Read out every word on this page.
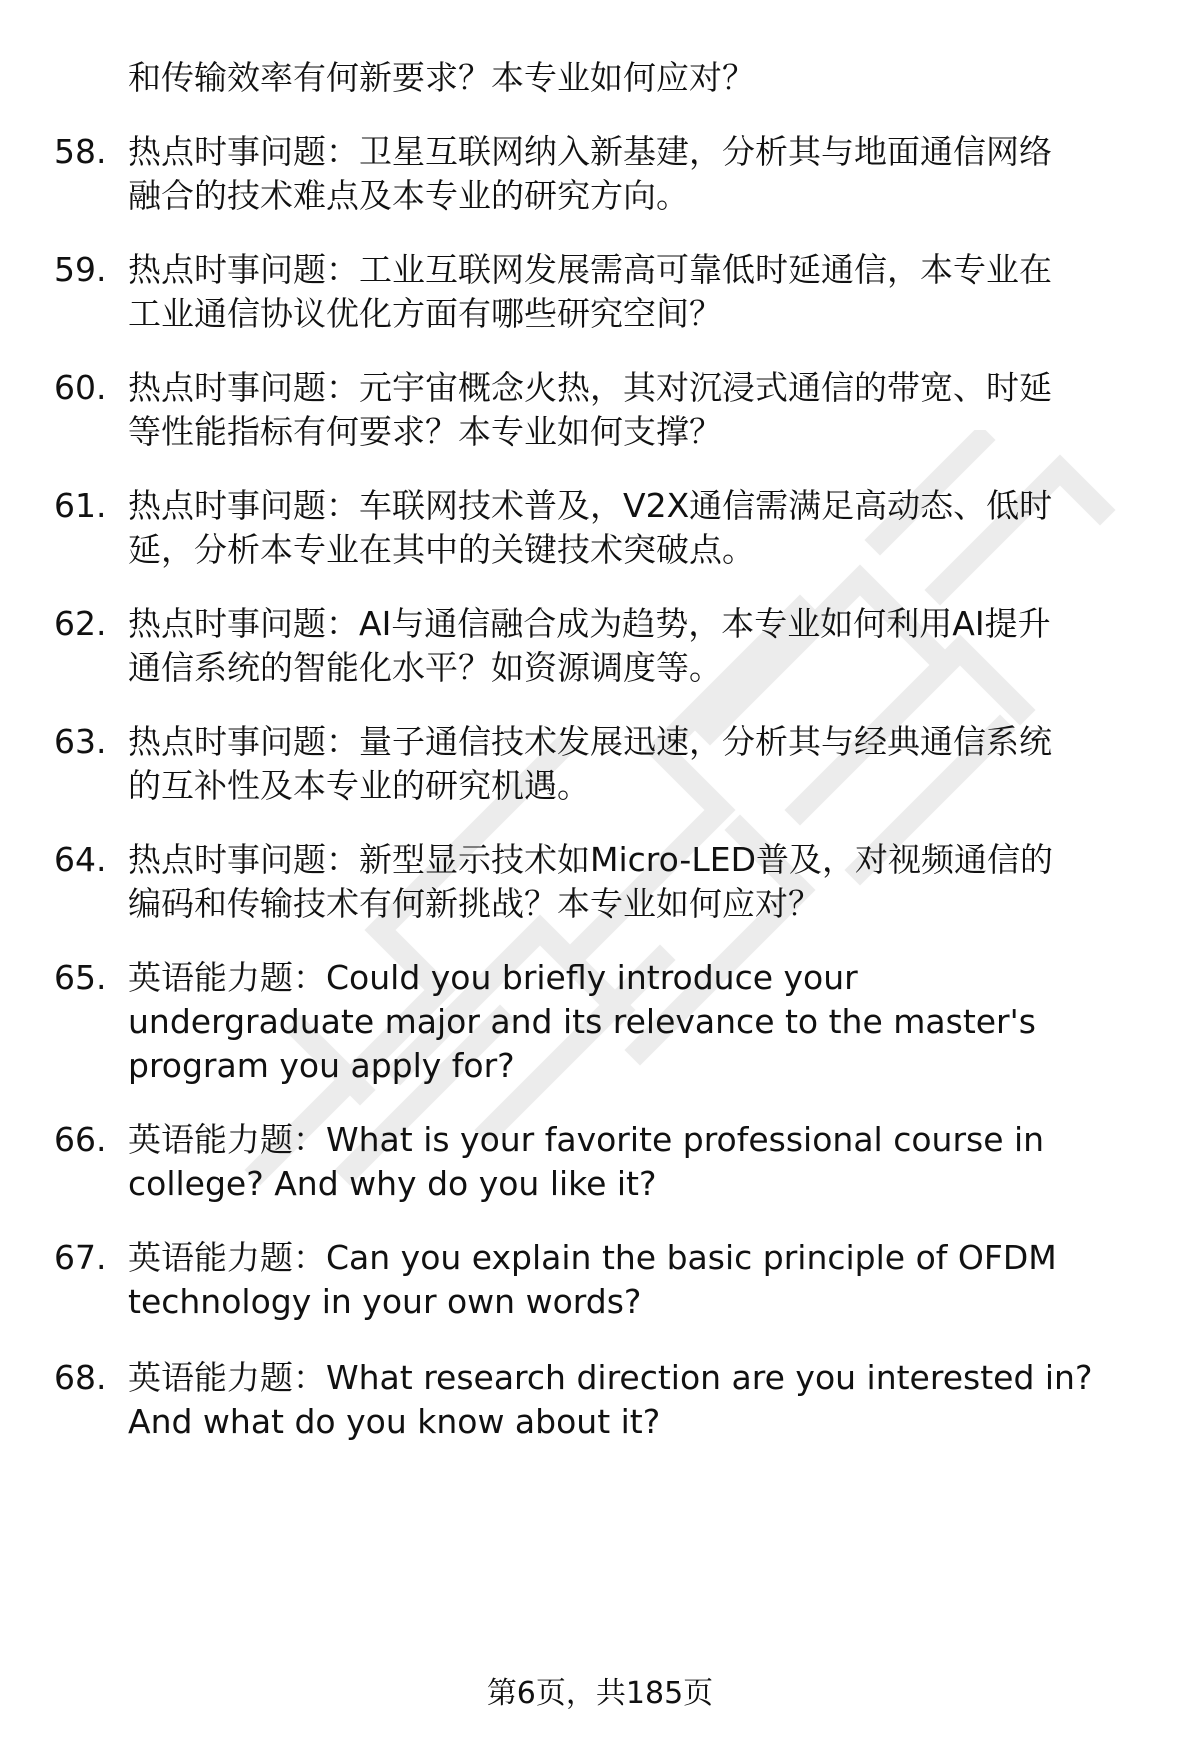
和传输效率有何新要求？本专业如何应对？
58. 热点时事问题：卫星互联网纳入新基建，分析其与地面通信网络
融合的技术难点及本专业的研究方向。
59. 热点时事问题：工业互联网发展需高可靠低时延通信，本专业在
工业通信协议优化方面有哪些研究空间？
60. 热点时事问题：元宇宙概念火热，其对沉浸式通信的带宽、时延
等性能指标有何要求？本专业如何支撑？
61. 热点时事问题：车联网技术普及，V2X通信需满足高动态、低时
延，分析本专业在其中的关键技术突破点。
62. 热点时事问题：AI与通信融合成为趋势，本专业如何利用AI提升
通信系统的智能化水平？如资源调度等。
63. 热点时事问题：量子通信技术发展迅速，分析其与经典通信系统
的互补性及本专业的研究机遇。
64. 热点时事问题：新型显示技术如Micro-LED普及，对视频通信的
编码和传输技术有何新挑战？本专业如何应对？
65. 英语能力题：Could you briefly introduce your
undergraduate major and its relevance to the master's
program you apply for?
66. 英语能力题：What is your favorite professional course in
college? And why do you like it?
67. 英语能力题：Can you explain the basic principle of OFDM
technology in your own words?
68. 英语能力题：What research direction are you interested in?
And what do you know about it?
第6页，共185页
